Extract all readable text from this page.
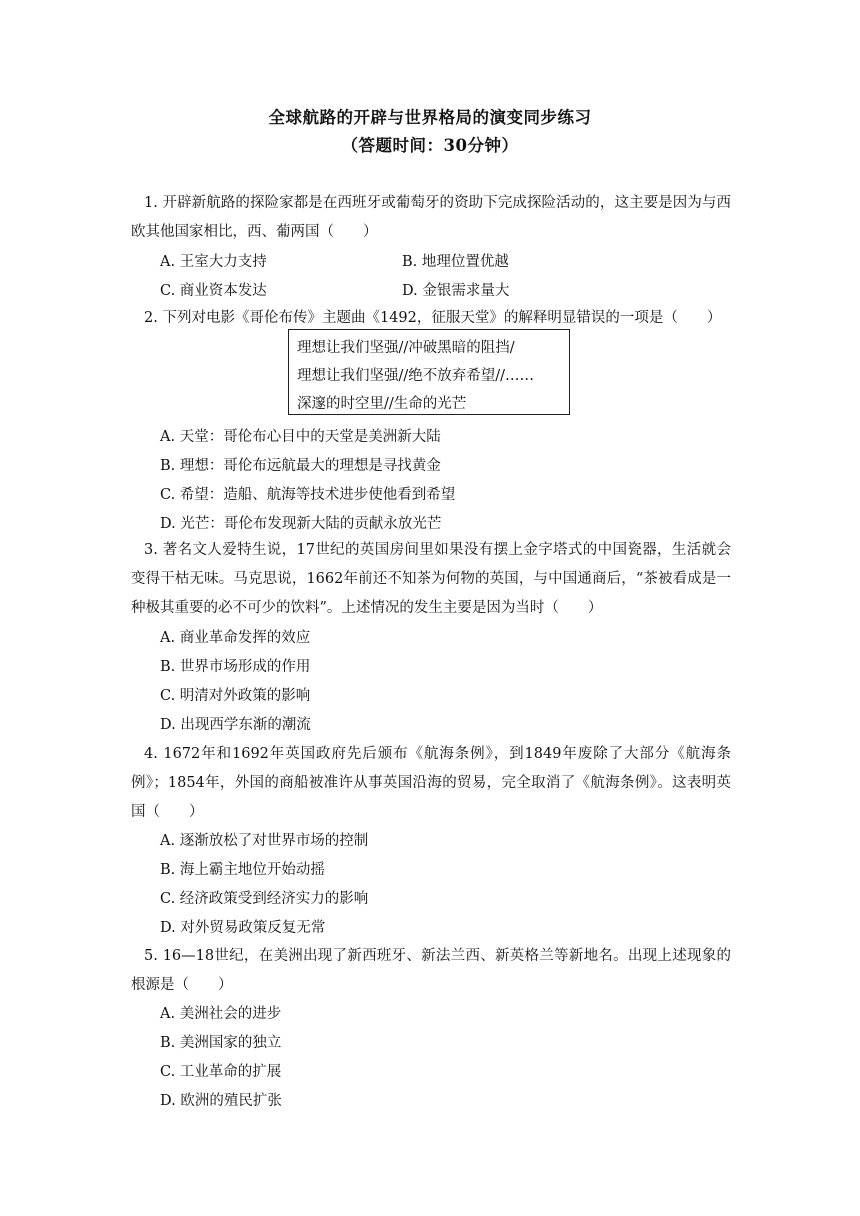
全球航路的开辟与世界格局的演变同步练习
（答题时间：30分钟）
1. 开辟新航路的探险家都是在西班牙或葡萄牙的资助下完成探险活动的，这主要是因为与西欧其他国家相比，西、葡两国（　　）
A. 王室大力支持	B. 地理位置优越
C. 商业资本发达	D. 金银需求量大
2. 下列对电影《哥伦布传》主题曲《1492，征服天堂》的解释明显错误的一项是（　　）
理想让我们坚强//冲破黑暗的阻挡/
理想让我们坚强//绝不放弃希望//……
深邃的时空里//生命的光芒
A. 天堂：哥伦布心目中的天堂是美洲新大陆
B. 理想：哥伦布远航最大的理想是寻找黄金
C. 希望：造船、航海等技术进步使他看到希望
D. 光芒：哥伦布发现新大陆的贡献永放光芒
3. 著名文人爱特生说，17世纪的英国房间里如果没有摆上金字塔式的中国瓷器，生活就会变得干枯无味。马克思说，1662年前还不知茶为何物的英国，与中国通商后，“茶被看成是一种极其重要的必不可少的饮料”。上述情况的发生主要是因为当时（　　）
A. 商业革命发挥的效应
B. 世界市场形成的作用
C. 明清对外政策的影响
D. 出现西学东渐的潮流
4. 1672年和1692年英国政府先后颁布《航海条例》，到1849年废除了大部分《航海条例》；1854年，外国的商船被准许从事英国沿海的贸易，完全取消了《航海条例》。这表明英国（　　）
A. 逐渐放松了对世界市场的控制
B. 海上霸主地位开始动摇
C. 经济政策受到经济实力的影响
D. 对外贸易政策反复无常
5. 16—18世纪，在美洲出现了新西班牙、新法兰西、新英格兰等新地名。出现上述现象的根源是（　　）
A. 美洲社会的进步
B. 美洲国家的独立
C. 工业革命的扩展
D. 欧洲的殖民扩张
